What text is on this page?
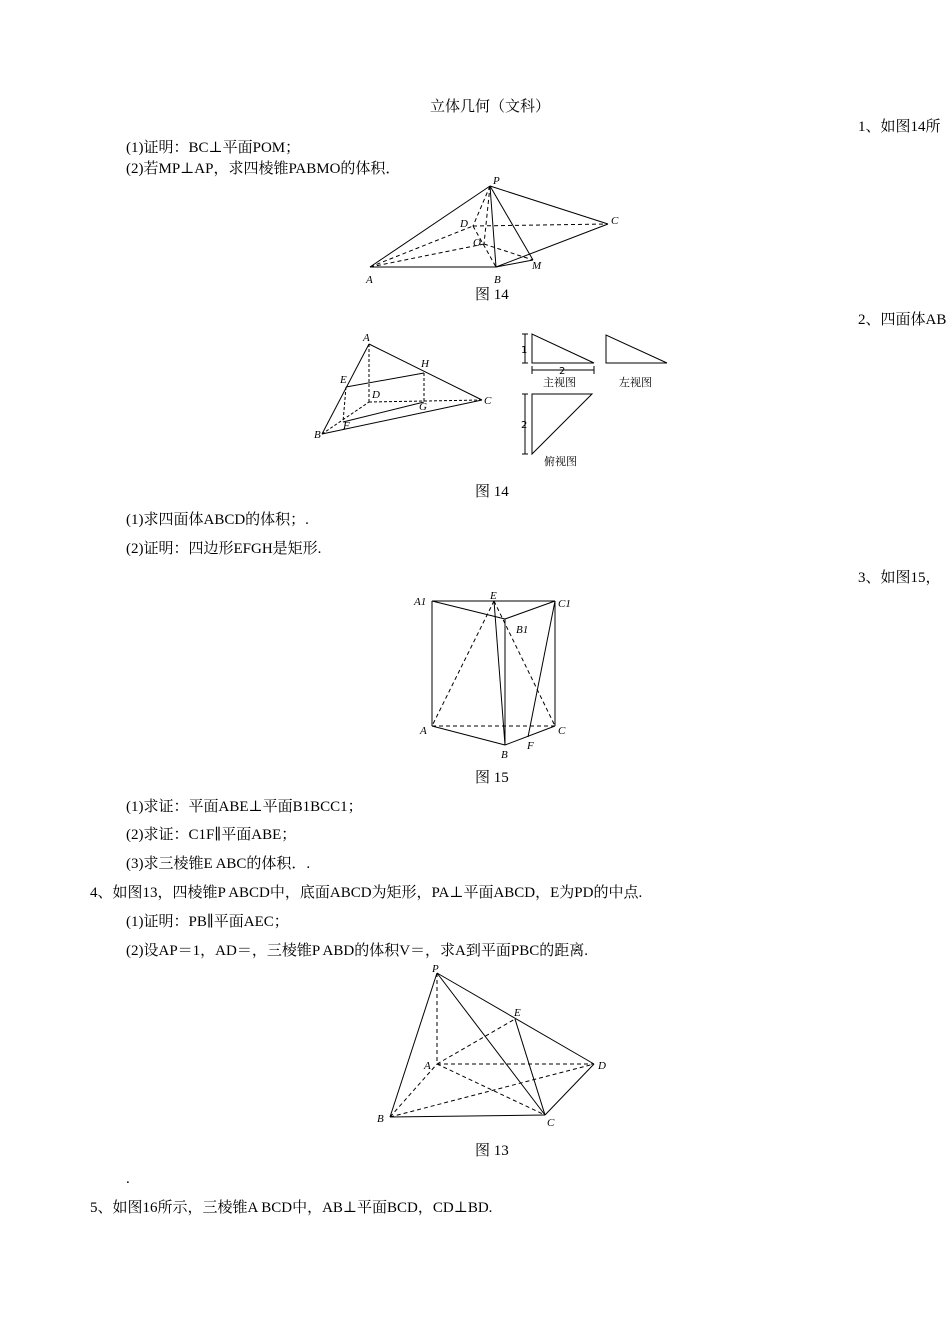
立体几何（文科）
1、如图14所
(1)证明：BC⊥平面POM；
(2)若MP⊥AP，求四棱锥PABMO的体积．
P
C
D
O
A	B
M
图 14
2、四面体AB
A
H
E
D
G	C
F
B
1
2
2
主视图	左视图
俯视图
图 14
(1)求四面体ABCD的体积；.
(2)证明：四边形EFGH是矩形.
3、如图15，
A1	E
C1
B1
A	C
B
F
图 15
(1)求证：平面ABE⊥平面B1BCC1；
(2)求证：C1F∥平面ABE；
(3)求三棱锥E ABC的体积．.
4、如图13，四棱锥P ABCD中，底面ABCD为矩形，PA⊥平面ABCD，E为PD的中点.
(1)证明：PB∥平面AEC；
(2)设AP＝1，AD＝，三棱锥P ABD的体积V＝，求A到平面PBC的距离.
P
E
A	D
B	C
图 13
.
5、如图16所示，三棱锥A BCD中，AB⊥平面BCD，CD⊥BD.
